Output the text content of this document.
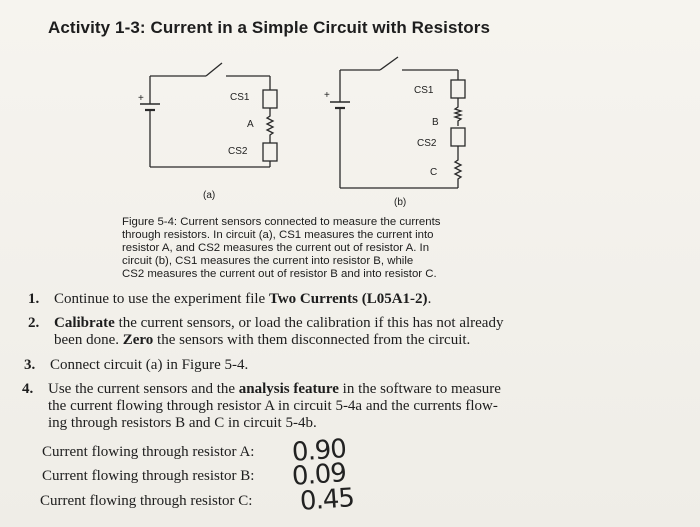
Activity 1-3: Current in a Simple Circuit with Resistors
CS1
A
CS2
+
CS1
B
CS2
C
+
(a)
(b)
Figure 5-4: Current sensors connected to measure the currents
through resistors. In circuit (a), CS1 measures the current into
resistor A, and CS2 measures the current out of resistor A. In
circuit (b), CS1 measures the current into resistor B, while
CS2 measures the current out of resistor B and into resistor C.
1. Continue to use the experiment file Two Currents (L05A1-2).
2. Calibrate the current sensors, or load the calibration if this has not already
been done. Zero the sensors with them disconnected from the circuit.
3. Connect circuit (a) in Figure 5-4.
4. Use the current sensors and the analysis feature in the software to measure
the current flowing through resistor A in circuit 5-4a and the currents flow-
ing through resistors B and C in circuit 5-4b.
Current flowing through resistor A:
Current flowing through resistor B:
Current flowing through resistor C:
0.90
0.09
0.45
